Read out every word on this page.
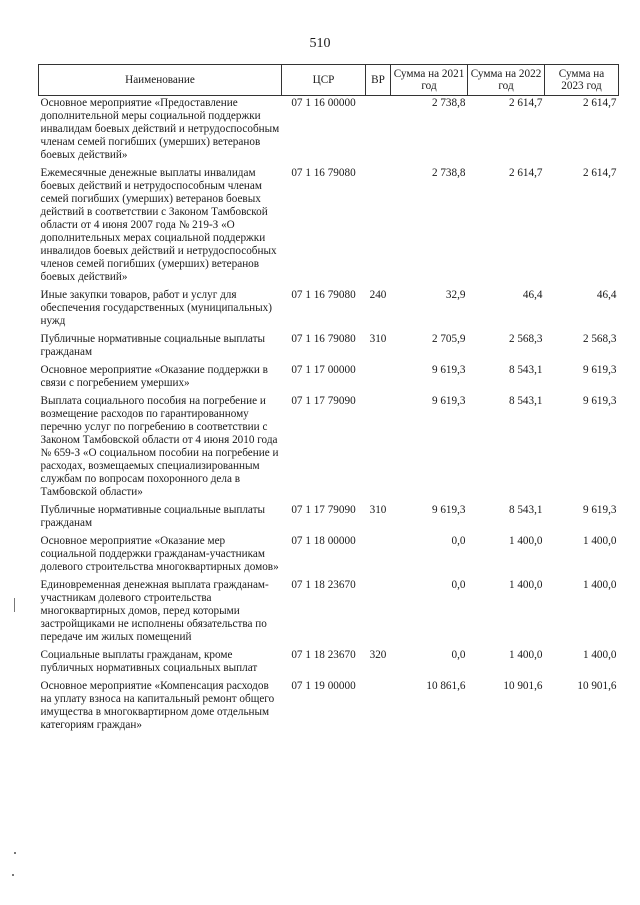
510
Наименование	ЦСР	ВР	Сумма на 2021 год	Сумма на 2022 год	Сумма на 2023 год
Основное мероприятие «Предоставление дополнительной меры социальной поддержки инвалидам боевых действий и нетрудоспособным членам семей погибших (умерших) ветеранов боевых действий»	07 1 16 00000		2 738,8	2 614,7	2 614,7
Ежемесячные денежные выплаты инвалидам боевых действий и нетрудоспособным членам семей погибших (умерших) ветеранов боевых действий в соответствии с Законом Тамбовской области от 4 июня 2007 года № 219-З «О дополнительных мерах социальной поддержки инвалидов боевых действий и нетрудоспособных членов семей погибших (умерших) ветеранов боевых действий»	07 1 16 79080		2 738,8	2 614,7	2 614,7
Иные закупки товаров, работ и услуг для обеспечения государственных (муниципальных) нужд	07 1 16 79080	240	32,9	46,4	46,4
Публичные нормативные социальные выплаты гражданам	07 1 16 79080	310	2 705,9	2 568,3	2 568,3
Основное мероприятие «Оказание поддержки в связи с погребением умерших»	07 1 17 00000		9 619,3	8 543,1	9 619,3
Выплата социального пособия на погребение и возмещение расходов по гарантированному перечню услуг по погребению в соответствии с Законом Тамбовской области от 4 июня 2010 года № 659-З «О социальном пособии на погребение и расходах, возмещаемых специализированным службам по вопросам похоронного дела в Тамбовской области»	07 1 17 79090		9 619,3	8 543,1	9 619,3
Публичные нормативные социальные выплаты гражданам	07 1 17 79090	310	9 619,3	8 543,1	9 619,3
Основное мероприятие «Оказание мер социальной поддержки гражданам-участникам долевого строительства многоквартирных домов»	07 1 18 00000		0,0	1 400,0	1 400,0
Единовременная денежная выплата гражданам-участникам долевого строительства многоквартирных домов, перед которыми застройщиками не исполнены обязательства по передаче им жилых помещений	07 1 18 23670		0,0	1 400,0	1 400,0
Социальные выплаты гражданам, кроме публичных нормативных социальных выплат	07 1 18 23670	320	0,0	1 400,0	1 400,0
Основное мероприятие «Компенсация расходов на уплату взноса на капитальный ремонт общего имущества в многоквартирном доме отдельным категориям граждан»	07 1 19 00000		10 861,6	10 901,6	10 901,6
